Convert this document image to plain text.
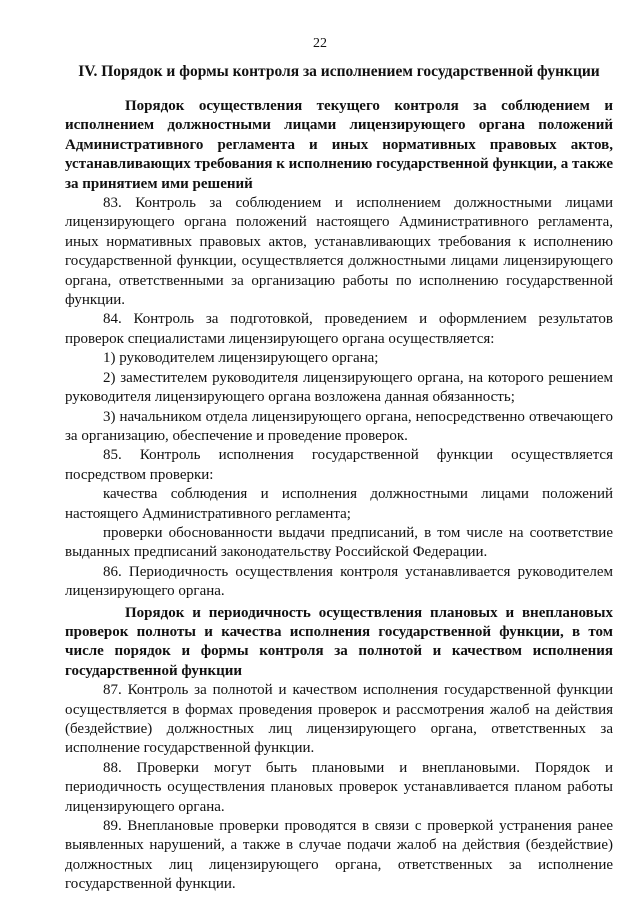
22
IV. Порядок и формы контроля за исполнением государственной функции

Порядок осуществления текущего контроля за соблюдением и исполнением должностными лицами лицензирующего органа положений Административного регламента и иных нормативных правовых актов, устанавливающих требования к исполнению государственной функции, а также за принятием ими решений

83. Контроль за соблюдением и исполнением должностными лицами лицензирующего органа положений настоящего Административного регламента, иных нормативных правовых актов, устанавливающих требования к исполнению государственной функции, осуществляется должностными лицами лицензирующего органа, ответственными за организацию работы по исполнению государственной функции.

84. Контроль за подготовкой, проведением и оформлением результатов проверок специалистами лицензирующего органа осуществляется:

1) руководителем лицензирующего органа;

2) заместителем руководителя лицензирующего органа, на которого решением руководителя лицензирующего органа возложена данная обязанность;

3) начальником отдела лицензирующего органа, непосредственно отвечающего за организацию, обеспечение и проведение проверок.

85. Контроль исполнения государственной функции осуществляется посредством проверки:

качества соблюдения и исполнения должностными лицами положений настоящего Административного регламента;

проверки обоснованности выдачи предписаний, в том числе на соответствие выданных предписаний законодательству Российской Федерации.

86. Периодичность осуществления контроля устанавливается руководителем лицензирующего органа.

Порядок и периодичность осуществления плановых и внеплановых проверок полноты и качества исполнения государственной функции, в том числе порядок и формы контроля за полнотой и качеством исполнения государственной функции

87. Контроль за полнотой и качеством исполнения государственной функции осуществляется в формах проведения проверок и рассмотрения жалоб на действия (бездействие) должностных лиц лицензирующего органа, ответственных за исполнение государственной функции.

88. Проверки могут быть плановыми и внеплановыми. Порядок и периодичность осуществления плановых проверок устанавливается планом работы лицензирующего органа.

89. Внеплановые проверки проводятся в связи с проверкой устранения ранее выявленных нарушений, а также в случае подачи жалоб на действия (бездействие) должностных лиц лицензирующего органа, ответственных за исполнение государственной функции.
